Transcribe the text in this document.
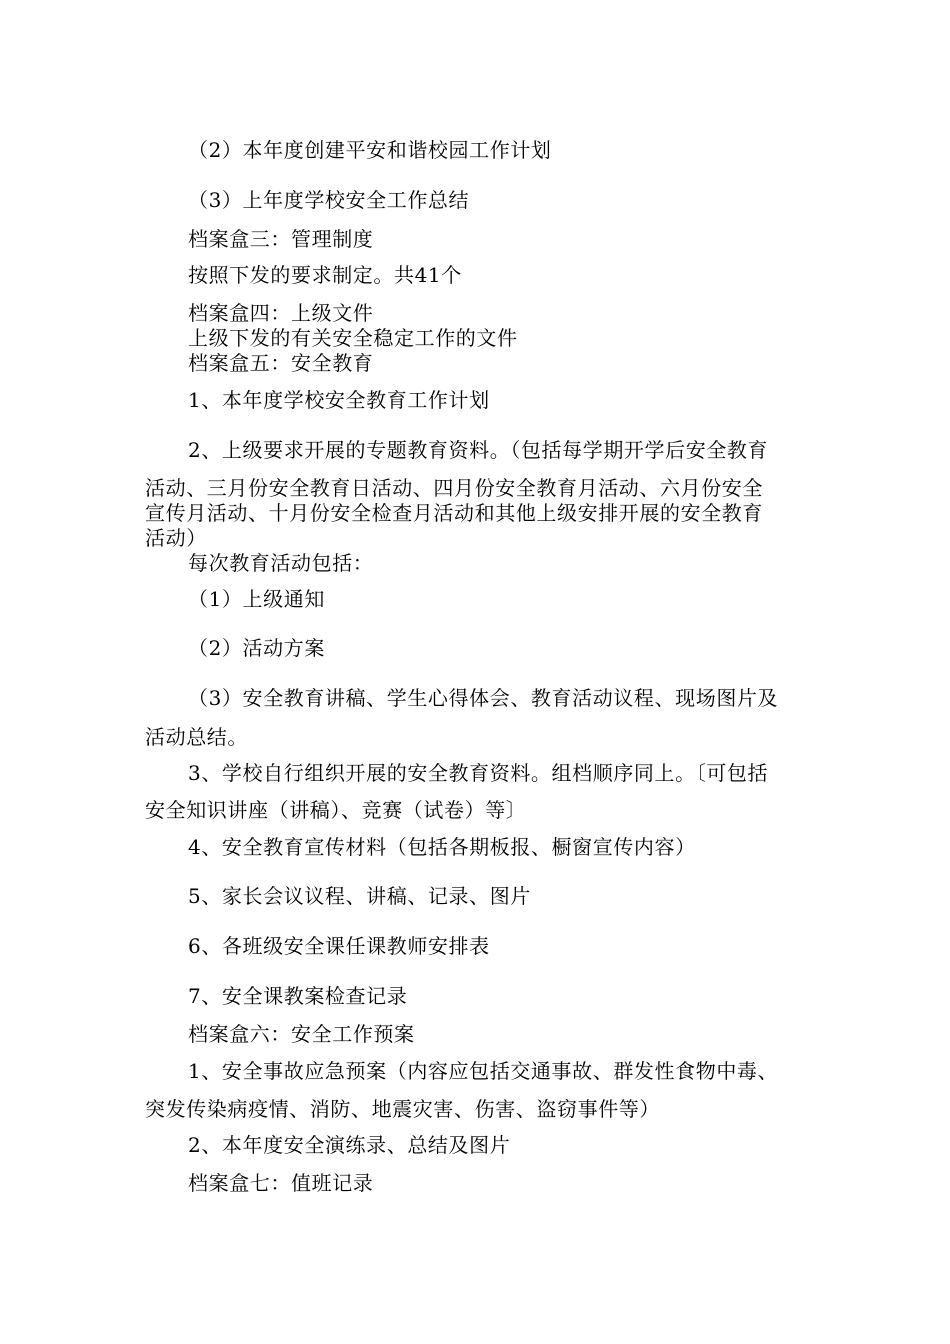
（2）本年度创建平安和谐校园工作计划
（3）上年度学校安全工作总结
档案盒三：管理制度
按照下发的要求制定。共41个
档案盒四：上级文件
上级下发的有关安全稳定工作的文件
档案盒五：安全教育
1、本年度学校安全教育工作计划
2、上级要求开展的专题教育资料。（包括每学期开学后安全教育
活动、三月份安全教育日活动、四月份安全教育月活动、六月份安全
宣传月活动、十月份安全检查月活动和其他上级安排开展的安全教育
活动）
每次教育活动包括：
（1）上级通知
（2）活动方案
（3）安全教育讲稿、学生心得体会、教育活动议程、现场图片及
活动总结。
3、学校自行组织开展的安全教育资料。组档顺序同上。〔可包括
安全知识讲座（讲稿）、竞赛（试卷）等〕
4、安全教育宣传材料（包括各期板报、橱窗宣传内容）
5、家长会议议程、讲稿、记录、图片
6、各班级安全课任课教师安排表
7、安全课教案检查记录
档案盒六：安全工作预案
1、安全事故应急预案（内容应包括交通事故、群发性食物中毒、
突发传染病疫情、消防、地震灾害、伤害、盗窃事件等）
2、本年度安全演练录、总结及图片
档案盒七：值班记录
